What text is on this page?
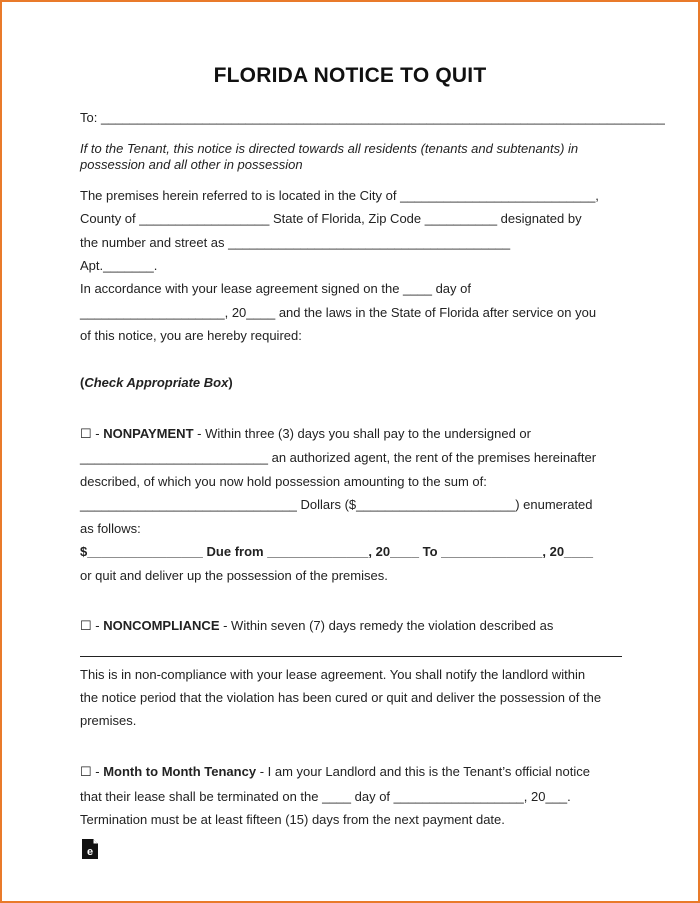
FLORIDA NOTICE TO QUIT
To: ______________________________________________________________________________
If to the Tenant, this notice is directed towards all residents (tenants and subtenants) in
possession and all other in possession
The premises herein referred to is located in the City of ___________________________,
County of __________________ State of Florida, Zip Code __________ designated by
the number and street as _______________________________________
Apt._______.
In accordance with your lease agreement signed on the ____ day of
____________________, 20____ and the laws in the State of Florida after service on you
of this notice, you are hereby required:
(Check Appropriate Box)
☐ - NONPAYMENT - Within three (3) days you shall pay to the undersigned or
__________________________ an authorized agent, the rent of the premises hereinafter
described, of which you now hold possession amounting to the sum of:
______________________________ Dollars ($______________________) enumerated
as follows:
$________________ Due from ______________, 20____ To ______________, 20____
or quit and deliver up the possession of the premises.
☐ - NONCOMPLIANCE - Within seven (7) days remedy the violation described as
This is in non-compliance with your lease agreement. You shall notify the landlord within
the notice period that the violation has been cured or quit and deliver the possession of the
premises.
☐ - Month to Month Tenancy - I am your Landlord and this is the Tenant’s official notice
that their lease shall be terminated on the ____ day of __________________, 20___.
Termination must be at least fifteen (15) days from the next payment date.
e
